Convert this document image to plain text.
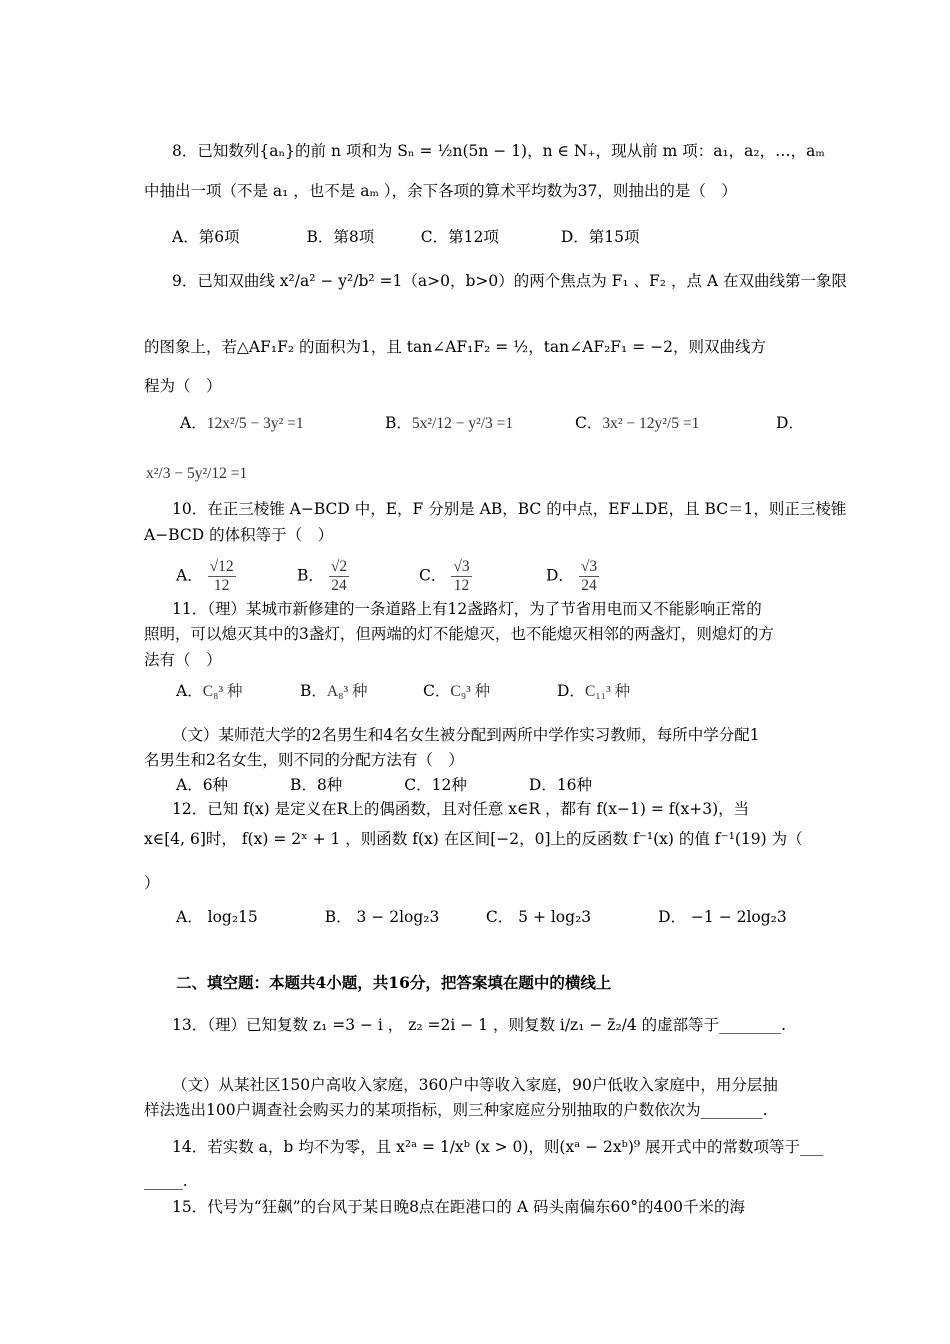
8．已知数列{aₙ}的前 n 项和为 Sₙ = ½n(5n − 1)，n ∈ N₊，现从前 m 项：a₁，a₂，…，aₘ
中抽出一项（不是 a₁ ，也不是 aₘ ），余下各项的算术平均数为37，则抽出的是（　）
A．第6项　　　　 B．第8项　　　C．第12项　　　　D．第15项
9．已知双曲线 x²/a² − y²/b² =1（a>0，b>0）的两个焦点为 F₁ 、F₂ ，点 A 在双曲线第一象限
的图象上，若△AF₁F₂ 的面积为1，且 tan∠AF₁F₂ = ½，tan∠AF₂F₁ = −2，则双曲线方
程为（　）
A．12x²/5 − 3y² =1	B．5x²/12 − y²/3 =1	C．3x² − 12y²/5 =1	D．
x²/3 − 5y²/12 =1
10．在正三棱锥 A−BCD 中，E，F 分别是 AB，BC 的中点，EF⊥DE，且 BC＝1，则正三棱锥
A−BCD 的体积等于（　）
A． $\frac{√12}{12}$	B． $\frac{√2}{24}$	C． $\frac{√3}{12}$	D． $\frac{√3}{24}$
11．（理）某城市新修建的一条道路上有12盏路灯，为了节省用电而又不能影响正常的
照明，可以熄灭其中的3盏灯，但两端的灯不能熄灭，也不能熄灭相邻的两盏灯，则熄灯的方
法有（　）
A．C₈³ 种	B．A₈³ 种	C．C₉³ 种	D．C₁₁³ 种
（文）某师范大学的2名男生和4名女生被分配到两所中学作实习教师，每所中学分配1
名男生和2名女生，则不同的分配方法有（　）
A．6种　　　　B．8种　　　　C．12种　　　　D．16种
12．已知 f(x) 是定义在R上的偶函数，且对任意 x∈R ，都有 f(x−1) = f(x+3)，当
x∈[4, 6]时， f(x) = 2ˣ + 1 ，则函数 f(x) 在区间[−2，0]上的反函数 f⁻¹(x) 的值 f⁻¹(19) 为（
）
A． log₂15　　　　 B． 3 − 2log₂3　　　C． 5 + log₂3　　　　 D． −1 − 2log₂3
二、填空题：本题共4小题，共16分，把答案填在题中的横线上
13．（理）已知复数 z₁ =3 − i ， z₂ =2i − 1 ，则复数 i/z₁ − z̄₂/4 的虚部等于________.
（文）从某社区150户高收入家庭，360户中等收入家庭，90户低收入家庭中，用分层抽
样法选出100户调查社会购买力的某项指标，则三种家庭应分别抽取的户数依次为________.
14．若实数 a，b 均不为零，且 x²ᵃ = 1/xᵇ (x > 0)，则(xᵃ − 2xᵇ)⁹ 展开式中的常数项等于___
_____.
15．代号为“狂飙”的台风于某日晚8点在距港口的 A 码头南偏东60°的400千米的海
